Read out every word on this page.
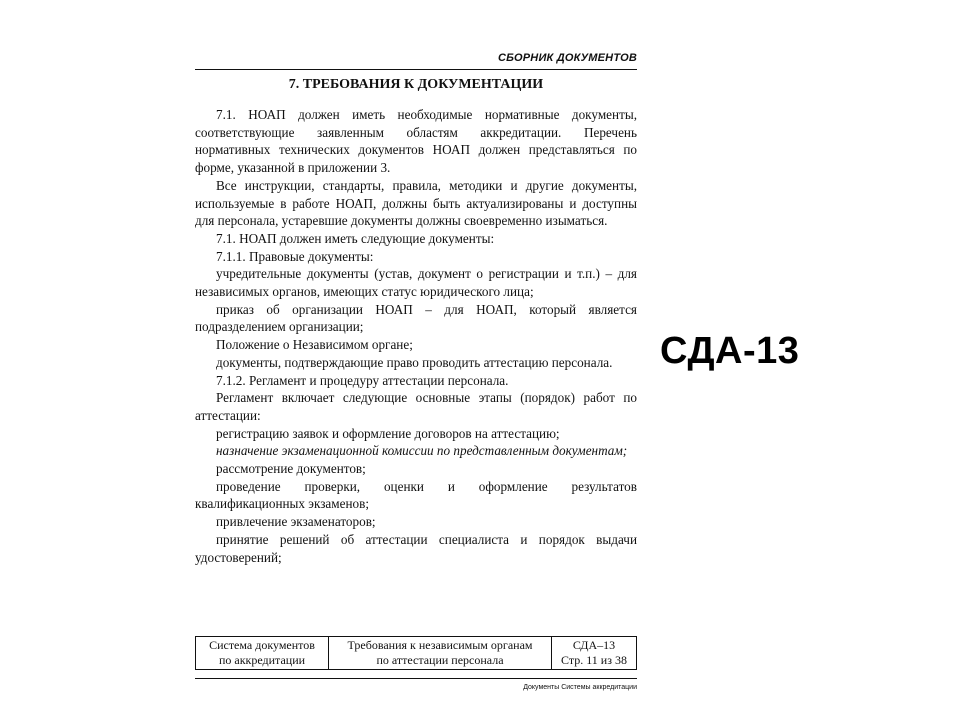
СБОРНИК ДОКУМЕНТОВ
7. ТРЕБОВАНИЯ К ДОКУМЕНТАЦИИ

7.1. НОАП должен иметь необходимые нормативные документы, соответствующие заявленным областям аккредитации. Перечень нормативных технических документов НОАП должен представляться по форме, указанной в приложении 3.

Все инструкции, стандарты, правила, методики и другие документы, используемые в работе НОАП, должны быть актуализированы и доступны для персонала, устаревшие документы должны своевременно изыматься.

7.1. НОАП должен иметь следующие документы:

7.1.1. Правовые документы:

учредительные документы (устав, документ о регистрации и т.п.) – для независимых органов, имеющих статус юридического лица;

приказ об организации НОАП – для НОАП, который является подразделением организации;

Положение о Независимом органе;

документы, подтверждающие право проводить аттестацию персонала.

7.1.2. Регламент и процедуру аттестации персонала.

Регламент включает следующие основные этапы (порядок) работ по аттестации:

регистрацию заявок и оформление договоров на аттестацию;

назначение экзаменационной комиссии по представленным документам;

рассмотрение документов;

проведение проверки, оценки и оформление результатов квалификационных экзаменов;

привлечение экзаменаторов;

принятие решений об аттестации специалиста и порядок выдачи удостоверений;

Система документов
по аккредитации
Требования к независимым органам
по аттестации персонала
СДА–13
Стр. 11 из 38
Документы Системы аккредитации
СДА-13
